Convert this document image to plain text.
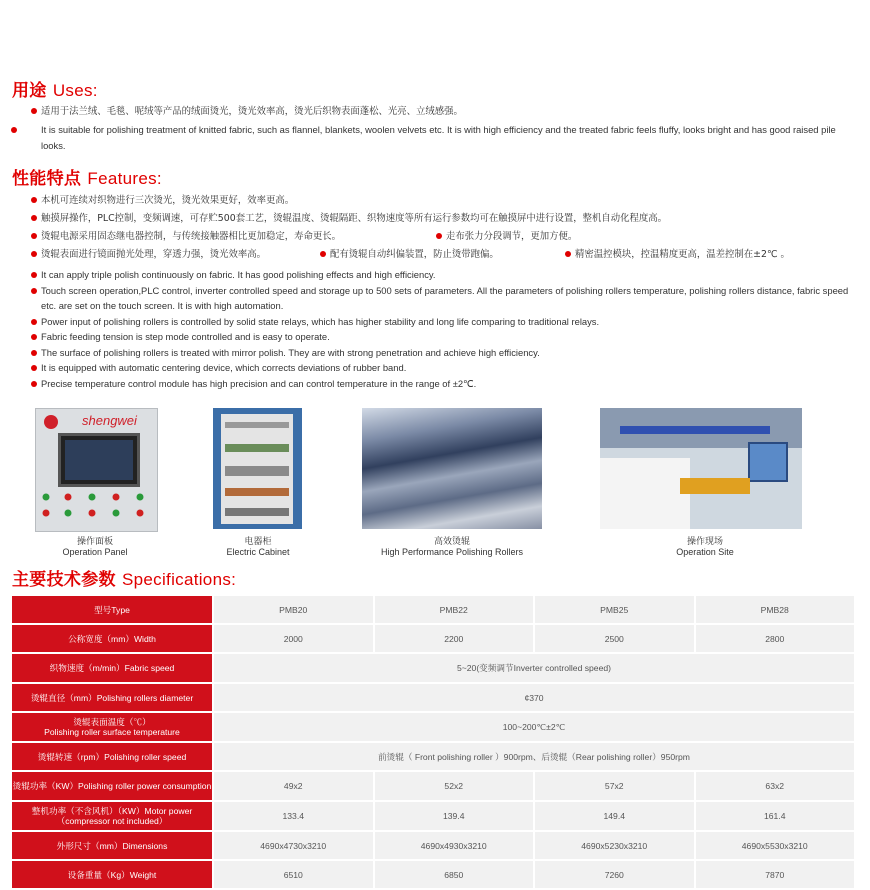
用途 Uses:
适用于法兰绒、毛毯、呢绒等产品的绒面烫光，烫光效率高，烫光后织物表面蓬松、光亮、立绒感强。
It is suitable for polishing treatment of knitted fabric, such as flannel, blankets, woolen velvets etc. It is with high efficiency and the treated fabric feels fluffy, looks bright and has good raised pile looks.
性能特点 Features:
本机可连续对织物进行三次烫光，烫光效果更好，效率更高。
触摸屏操作，PLC控制，变频调速，可存贮500套工艺，烫辊温度、烫辊隔距、织物速度等所有运行参数均可在触摸屏中进行设置，整机自动化程度高。
烫辊电源采用固态继电器控制，与传统接触器相比更加稳定，寿命更长。	走布张力分段调节，更加方便。
烫辊表面进行镜面抛光处理，穿透力强，烫光效率高。	配有烫辊自动纠偏装置，防止烫带跑偏。	精密温控模块，控温精度更高，温差控制在±2℃ 。
It can apply triple polish continuously on fabric. It has good polishing effects and high efficiency.
Touch screen operation,PLC control, inverter controlled speed and storage up to 500 sets of parameters. All the parameters of polishing rollers temperature, polishing rollers distance, fabric speed etc. are set on the touch screen. It is with high automation.
Power input of polishing rollers is controlled by solid state relays, which has higher stability and long life comparing to traditional relays.
Fabric feeding tension is step mode controlled and is easy to operate.
The surface of polishing rollers is treated with mirror polish. They are with strong penetration and achieve high efficiency.
It is equipped with automatic centering device, which corrects deviations of rubber band.
Precise temperature control module has high precision and can control temperature in the range of ±2℃.
shengwei
操作面板
Operation Panel
电器柜
Electric Cabinet
高效烫辊
High Performance Polishing Rollers
操作现场
Operation Site
主要技术参数 Specifications:
型号Type	PMB20	PMB22	PMB25	PMB28
公称宽度（mm）Width	2000	2200	2500	2800
织物速度（m/min）Fabric speed	5~20(变频调节Inverter controlled speed)			
烫辊直径（mm）Polishing rollers diameter	¢370			

烫辊表面温度（℃）
Polishing roller surface temperature	100~200℃±2℃			
烫辊转速（rpm）Polishing roller speed	前烫辊（ Front polishing roller ）900rpm、后烫辊（Rear polishing roller）950rpm			
烫辊功率（KW）Polishing roller power consumption	49x2	52x2	57x2	63x2

整机功率（不含风机）（KW）Motor power
（compressor not included）	133.4	139.4	149.4	161.4
外形尺寸（mm）Dimensions	4690x4730x3210	4690x4930x3210	4690x5230x3210	4690x5530x3210
设备重量（Kg）Weight	6510	6850	7260	7870
